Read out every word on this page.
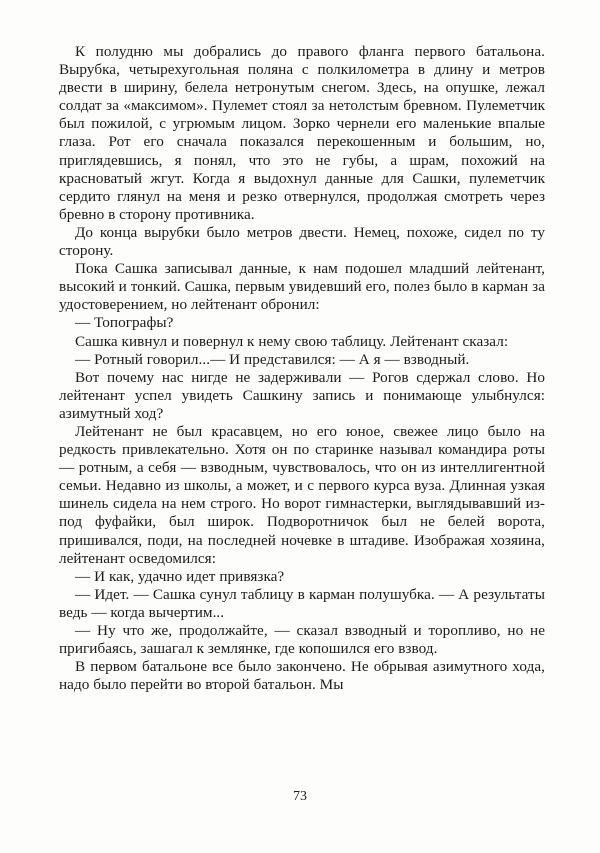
К полудню мы добрались до правого фланга первого батальона. Вырубка, четырехугольная поляна с полкилометра в длину и метров двести в ширину, белела нетронутым снегом. Здесь, на опушке, лежал солдат за «максимом». Пулемет стоял за нетолстым бревном. Пулеметчик был пожилой, с угрюмым лицом. Зорко чернели его маленькие впалые глаза. Рот его сначала показался перекошенным и большим, но, приглядевшись, я понял, что это не губы, а шрам, похожий на красноватый жгут. Когда я выдохнул данные для Сашки, пулеметчик сердито глянул на меня и резко отвернулся, продолжая смотреть через бревно в сторону противника.

До конца вырубки было метров двести. Немец, похоже, сидел по ту сторону.

Пока Сашка записывал данные, к нам подошел младший лейтенант, высокий и тонкий. Сашка, первым увидевший его, полез было в карман за удостоверением, но лейтенант обронил:

— Топографы?

Сашка кивнул и повернул к нему свою таблицу. Лейтенант сказал:

— Ротный говорил...— И представился: — А я — взводный.

Вот почему нас нигде не задерживали — Рогов сдержал слово. Но лейтенант успел увидеть Сашкину запись и понимающе улыбнулся: азимутный ход?

Лейтенант не был красавцем, но его юное, свежее лицо было на редкость привлекательно. Хотя он по старинке называл командира роты — ротным, а себя — взводным, чувствовалось, что он из интеллигентной семьи. Недавно из школы, а может, и с первого курса вуза. Длинная узкая шинель сидела на нем строго. Но ворот гимнастерки, выглядывавший из-под фуфайки, был широк. Подворотничок был не белей ворота, пришивался, поди, на последней ночевке в штадиве. Изображая хозяина, лейтенант осведомился:

— И как, удачно идет привязка?

— Идет. — Сашка сунул таблицу в карман полушубка. — А результаты ведь — когда вычертим...

— Ну что же, продолжайте, — сказал взводный и торопливо, но не пригибаясь, зашагал к землянке, где копошился его взвод.

В первом батальоне все было закончено. Не обрывая азимутного хода, надо было перейти во второй батальон. Мы

73
